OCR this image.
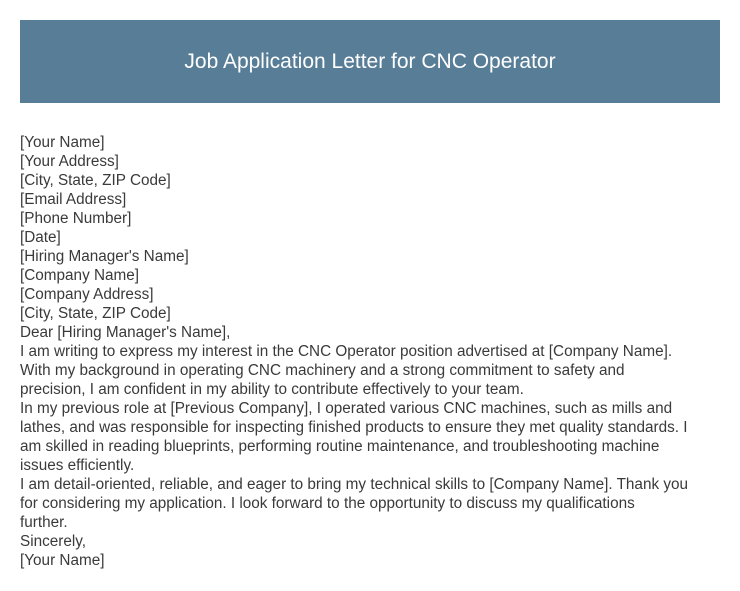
Job Application Letter for CNC Operator
[Your Name]
[Your Address]
[City, State, ZIP Code]
[Email Address]
[Phone Number]
[Date]
[Hiring Manager's Name]
[Company Name]
[Company Address]
[City, State, ZIP Code]
Dear [Hiring Manager's Name],
I am writing to express my interest in the CNC Operator position advertised at [Company Name].
With my background in operating CNC machinery and a strong commitment to safety and
precision, I am confident in my ability to contribute effectively to your team.
In my previous role at [Previous Company], I operated various CNC machines, such as mills and
lathes, and was responsible for inspecting finished products to ensure they met quality standards. I
am skilled in reading blueprints, performing routine maintenance, and troubleshooting machine
issues efficiently.
I am detail-oriented, reliable, and eager to bring my technical skills to [Company Name]. Thank you
for considering my application. I look forward to the opportunity to discuss my qualifications
further.
Sincerely,
[Your Name]
